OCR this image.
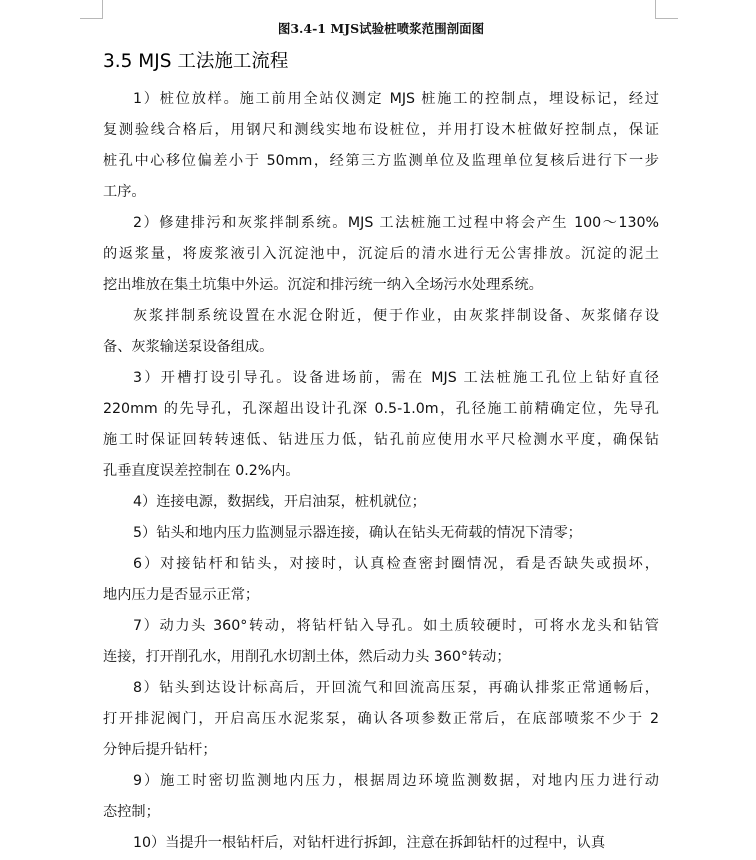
图3.4-1 MJS试验桩喷浆范围剖面图
3.5 MJS 工法施工流程
1）桩位放样。施工前用全站仪测定 MJS 桩施工的控制点，埋设标记，经过
复测验线合格后，用钢尺和测线实地布设桩位，并用打设木桩做好控制点，保证
桩孔中心移位偏差小于 50mm，经第三方监测单位及监理单位复核后进行下一步
工序。
2）修建排污和灰浆拌制系统。MJS 工法桩施工过程中将会产生 100～130%
的返浆量，将废浆液引入沉淀池中，沉淀后的清水进行无公害排放。沉淀的泥土
挖出堆放在集土坑集中外运。沉淀和排污统一纳入全场污水处理系统。
灰浆拌制系统设置在水泥仓附近，便于作业，由灰浆拌制设备、灰浆储存设
备、灰浆输送泵设备组成。
3）开槽打设引导孔。设备进场前，需在 MJS 工法桩施工孔位上钻好直径
220mm 的先导孔，孔深超出设计孔深 0.5-1.0m，孔径施工前精确定位，先导孔
施工时保证回转转速低、钻进压力低，钻孔前应使用水平尺检测水平度，确保钻
孔垂直度误差控制在 0.2%内。
4）连接电源，数据线，开启油泵，桩机就位；
5）钻头和地内压力监测显示器连接，确认在钻头无荷载的情况下清零；
6）对接钻杆和钻头，对接时，认真检查密封圈情况，看是否缺失或损坏，
地内压力是否显示正常；
7）动力头 360°转动，将钻杆钻入导孔。如土质较硬时，可将水龙头和钻管
连接，打开削孔水，用削孔水切割土体，然后动力头 360°转动；
8）钻头到达设计标高后，开回流气和回流高压泵，再确认排浆正常通畅后，
打开排泥阀门，开启高压水泥浆泵，确认各项参数正常后，在底部喷浆不少于 2
分钟后提升钻杆；
9）施工时密切监测地内压力，根据周边环境监测数据，对地内压力进行动
态控制；
10）当提升一根钻杆后，对钻杆进行拆卸，注意在拆卸钻杆的过程中，认真
